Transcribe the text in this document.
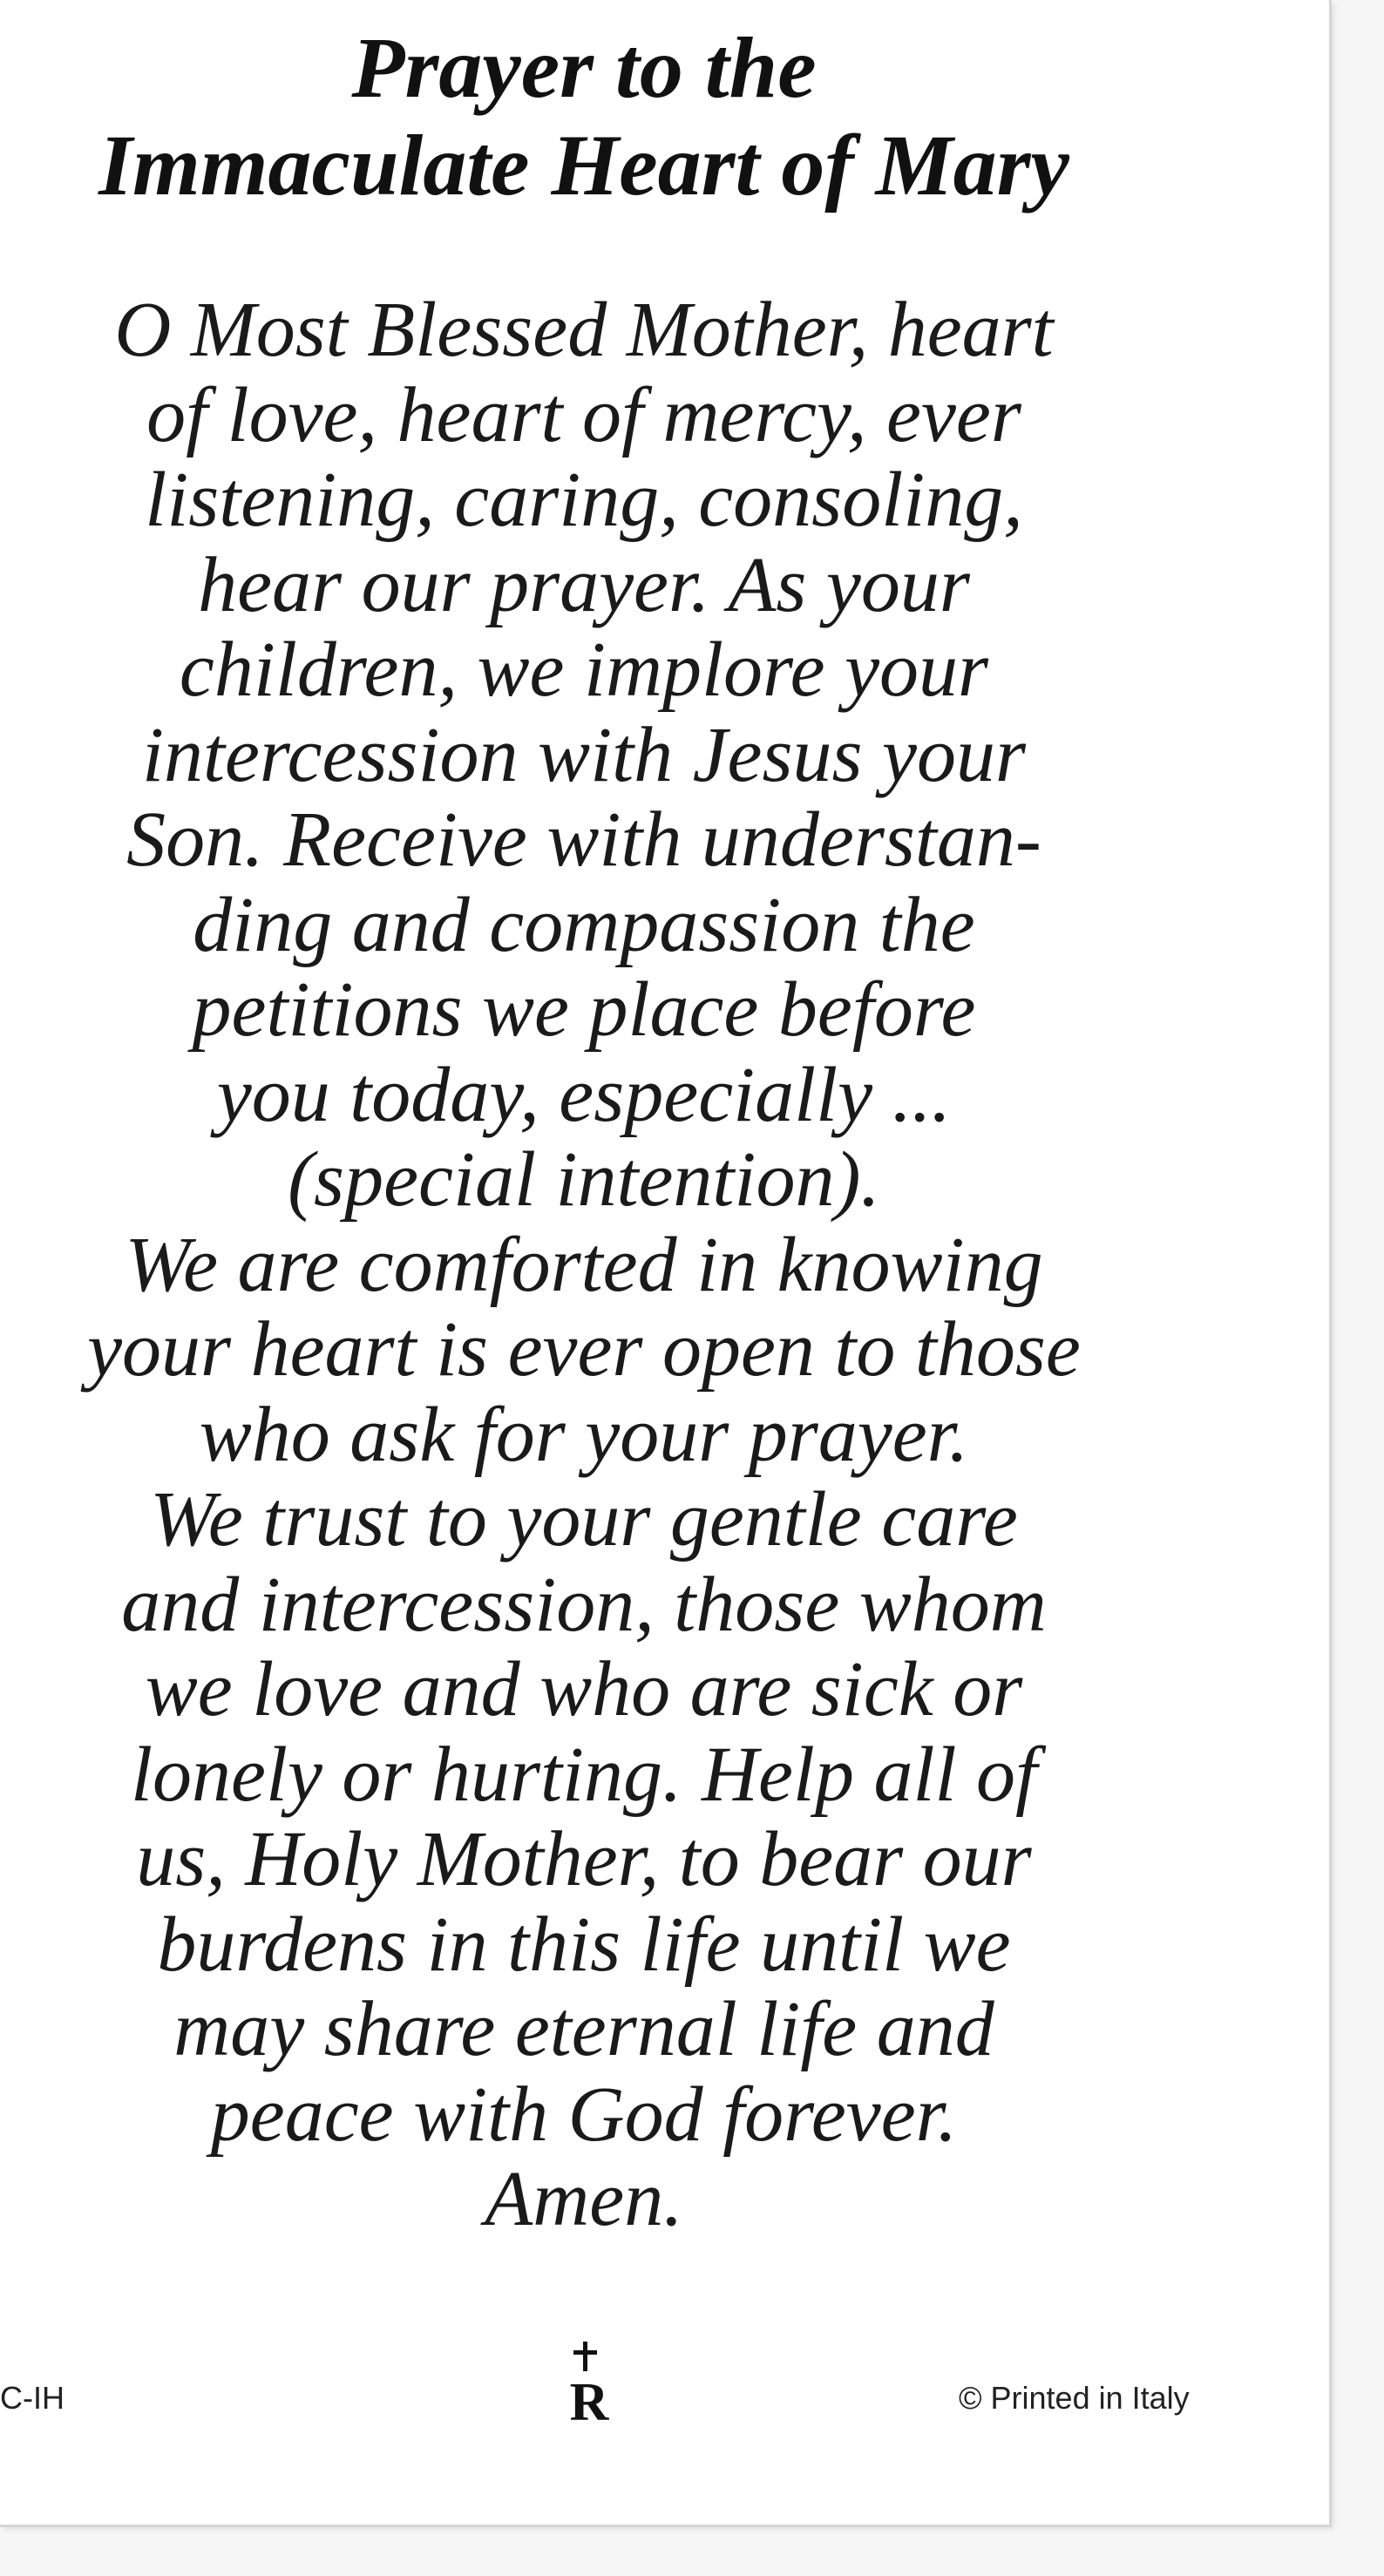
Prayer to the
Immaculate Heart of Mary
O Most Blessed Mother, heart
of love, heart of mercy, ever
listening, caring, consoling,
hear our prayer. As your
children, we implore your
intercession with Jesus your
Son. Receive with understan-
ding and compassion the
petitions we place before
you today, especially ...
(special intention).
We are comforted in knowing
your heart is ever open to those
who ask for your prayer.
We trust to your gentle care
and intercession, those whom
we love and who are sick or
lonely or hurting. Help all of
us, Holy Mother, to bear our
burdens in this life until we
may share eternal life and
peace with God forever.
Amen.
C-IH	R	© Printed in Italy
